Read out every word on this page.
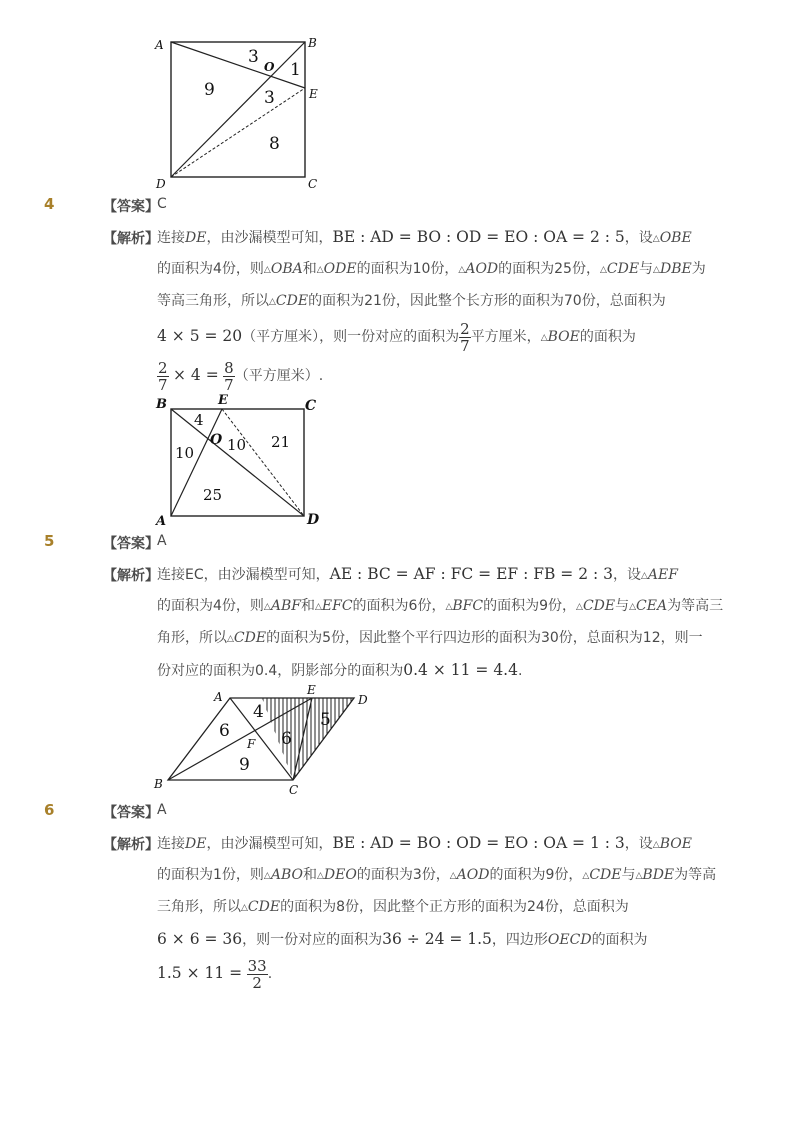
A	B
E
D	C
O
3
1
9	3
8
4	【答案】
C
【解析】
连接DE，由沙漏模型可知，BE : AD = BO : OD = EO : OA = 2 : 5，设△OBE
的面积为4份，则△OBA和△ODE的面积为10份，△AOD的面积为25份，△CDE与△DBE为
等高三角形，所以△CDE的面积为21份，因此整个长方形的面积为70份，总面积为
4 × 5 = 20（平方厘米），则一份对应的面积为 $\frac{2}{7}$ 平方厘米，△BOE的面积为
$\frac{2}{7} \times 4 = \frac{8}{7}$ （平方厘米）.
B	E	C
A	D
O
4
10 10 21
25
5	【答案】
A
【解析】
连接EC，由沙漏模型可知，AE : BC = AF : FC = EF : FB = 2 : 3，设△AEF
的面积为4份，则△ABF和△EFC的面积为6份，△BFC的面积为9份，△CDE与△CEA为等高三
角形，所以△CDE的面积为5份，因此整个平行四边形的面积为30份，总面积为12，则一
份对应的面积为0.4，阴影部分的面积为0.4 × 11 = 4.4.
A	E
D
B	C
F
6
4	5
6
9
6	【答案】
A
【解析】
连接DE，由沙漏模型可知，BE : AD = BO : OD = EO : OA = 1 : 3，设△BOE
的面积为1份，则△ABO和△DEO的面积为3份，△AOD的面积为9份，△CDE与△BDE为等高
三角形，所以△CDE的面积为8份，因此整个正方形的面积为24份，总面积为
6 × 6 = 36，则一份对应的面积为36 ÷ 24 = 1.5，四边形OECD的面积为
$1.5 \times 11 = \frac{33}{2}$ .
